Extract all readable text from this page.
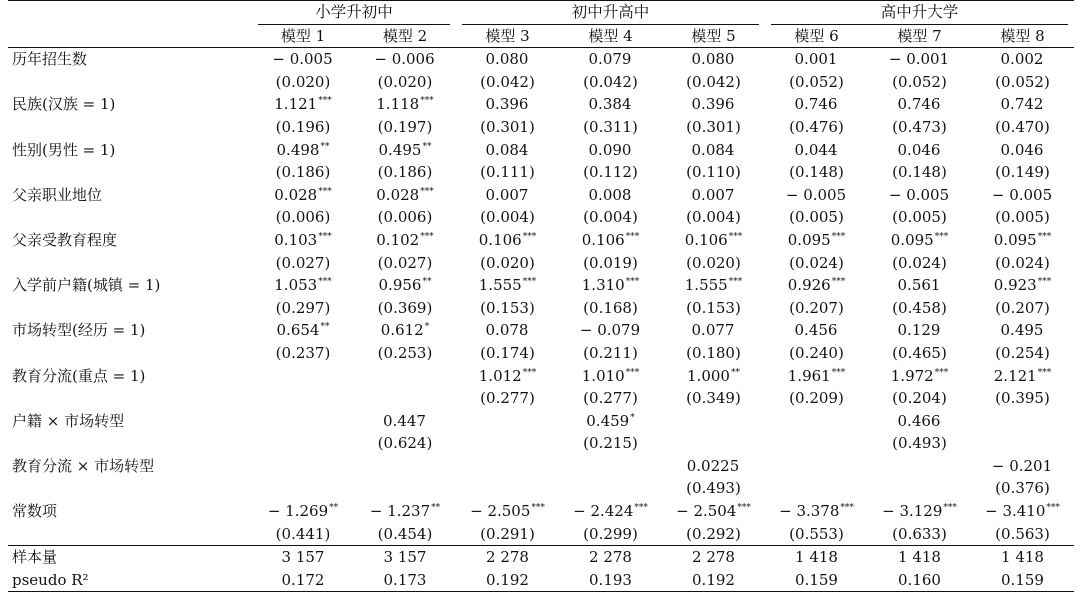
	小学升初中		初中升高中			高中升大学		

	模型 1	模型 2	模型 3	模型 4	模型 5	模型 6	模型 7	模型 8
历年招生数	− 0.005	− 0.006	0.080	0.079	0.080	0.001	− 0.001	0.002
	(0.020)	(0.020)	(0.042)	(0.042)	(0.042)	(0.052)	(0.052)	(0.052)
民族(汉族 = 1)	1.121***	1.118***	0.396	0.384	0.396	0.746	0.746	0.742
	(0.196)	(0.197)	(0.301)	(0.311)	(0.301)	(0.476)	(0.473)	(0.470)
性别(男性 = 1)	0.498**	0.495**	0.084	0.090	0.084	0.044	0.046	0.046
	(0.186)	(0.186)	(0.111)	(0.112)	(0.110)	(0.148)	(0.148)	(0.149)
父亲职业地位	0.028***	0.028***	0.007	0.008	0.007	− 0.005	− 0.005	− 0.005
	(0.006)	(0.006)	(0.004)	(0.004)	(0.004)	(0.005)	(0.005)	(0.005)
父亲受教育程度	0.103***	0.102***	0.106***	0.106***	0.106***	0.095***	0.095***	0.095***
	(0.027)	(0.027)	(0.020)	(0.019)	(0.020)	(0.024)	(0.024)	(0.024)
入学前户籍(城镇 = 1)	1.053***	0.956**	1.555***	1.310***	1.555***	0.926***	0.561	0.923***
	(0.297)	(0.369)	(0.153)	(0.168)	(0.153)	(0.207)	(0.458)	(0.207)
市场转型(经历 = 1)	0.654**	0.612*	0.078	− 0.079	0.077	0.456	0.129	0.495
	(0.237)	(0.253)	(0.174)	(0.211)	(0.180)	(0.240)	(0.465)	(0.254)
教育分流(重点 = 1)			1.012***	1.010***	1.000**	1.961***	1.972***	2.121***
			(0.277)	(0.277)	(0.349)	(0.209)	(0.204)	(0.395)
户籍 × 市场转型		0.447		0.459*			0.466	
		(0.624)		(0.215)			(0.493)	
教育分流 × 市场转型					0.0225			− 0.201
					(0.493)			(0.376)
常数项	− 1.269**	− 1.237**	− 2.505***	− 2.424***	− 2.504***	− 3.378***	− 3.129***	− 3.410***
	(0.441)	(0.454)	(0.291)	(0.299)	(0.292)	(0.553)	(0.633)	(0.563)
样本量	3 157	3 157	2 278	2 278	2 278	1 418	1 418	1 418
pseudo R²	0.172	0.173	0.192	0.193	0.192	0.159	0.160	0.159
